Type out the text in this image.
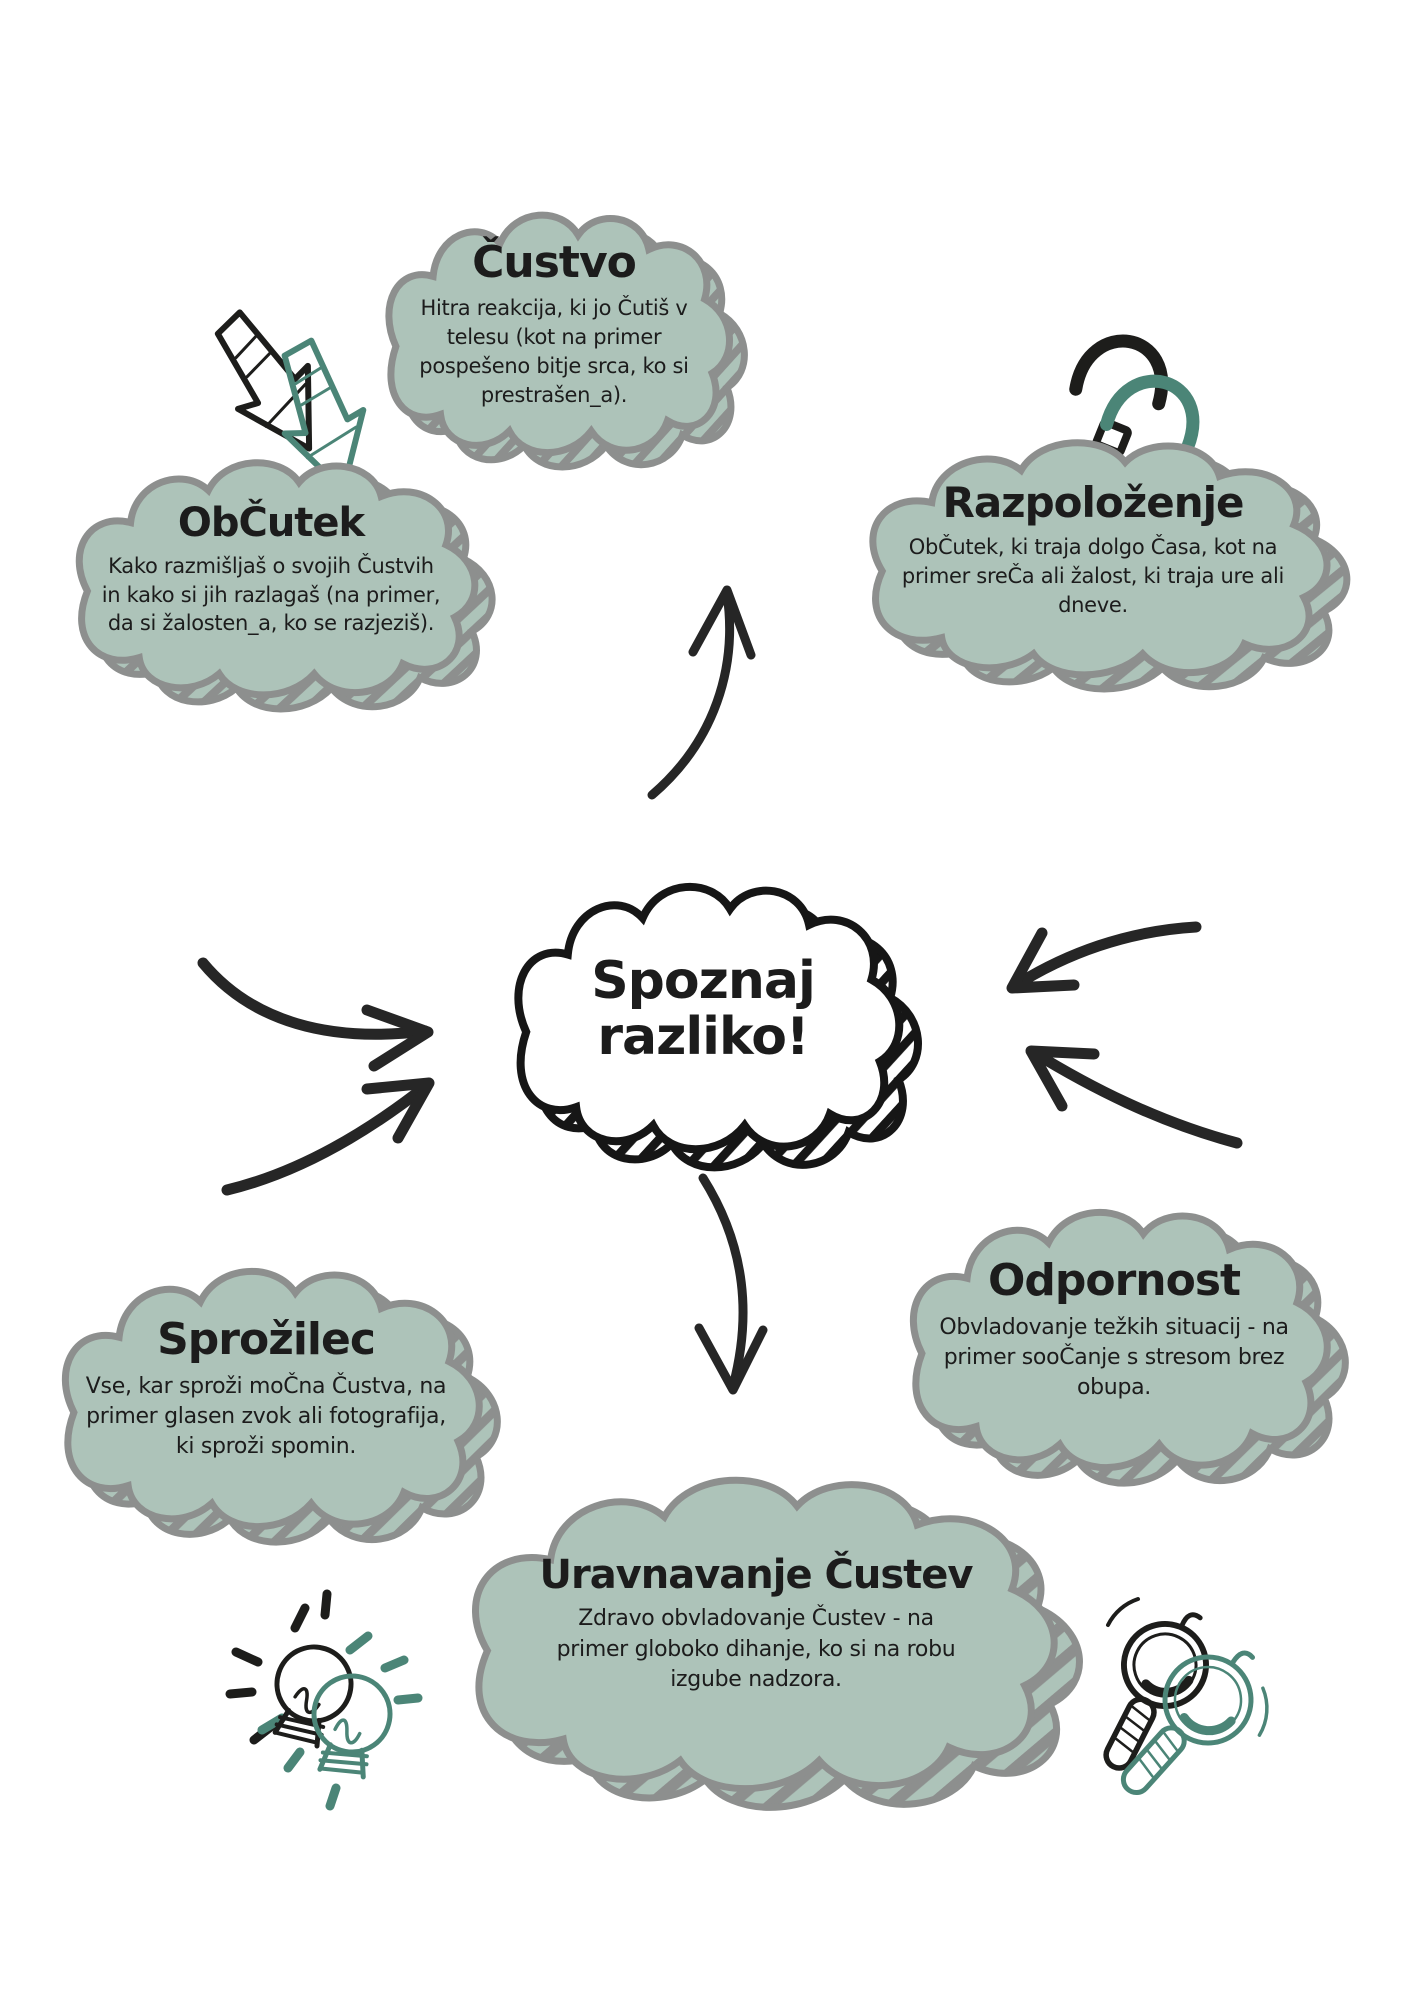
Čustvo
Hitra reakcija, ki jo Čutiš v telesu (kot na primer pospešeno bitje srca, ko si prestrašen_a).
ObČutek
Kako razmišljaš o svojih Čustvih in kako si jih razlagaš (na primer, da si žalosten_a, ko se razjeziš).
Razpoloženje
ObČutek, ki traja dolgo Časa, kot na primer sreČa ali žalost, ki traja ure ali dneve.
Spoznaj
razliko!
Sprožilec
Vse, kar sproži moČna Čustva, na primer glasen zvok ali fotografija, ki sproži spomin.
Odpornost
Obvladovanje težkih situacij - na primer sooČanje s stresom brez obupa.
Uravnavanje Čustev
Zdravo obvladovanje Čustev - na primer globoko dihanje, ko si na robu izgube nadzora.
